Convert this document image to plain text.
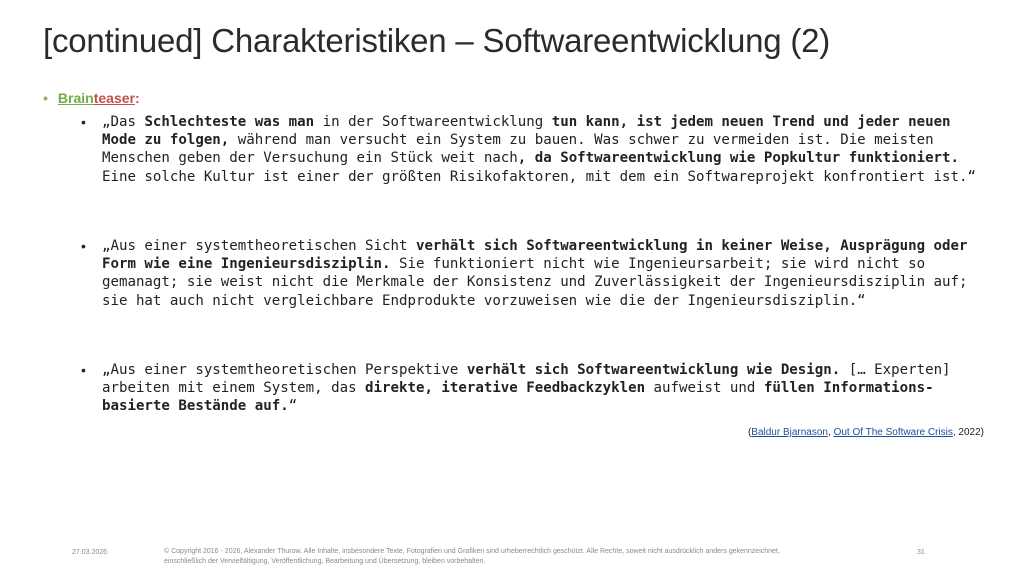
[continued] Charakteristiken – Softwareentwicklung (2)
• Brainteaser:
• „Das Schlechteste was man in der Softwareentwicklung tun kann, ist jedem neuen Trend und jeder neuen Mode zu folgen, während man versucht ein System zu bauen. Was schwer zu vermeiden ist. Die meisten Menschen geben der Versuchung ein Stück weit nach, da Softwareentwicklung wie Popkultur funktioniert. Eine solche Kultur ist einer der größten Risikofaktoren, mit dem ein Softwareprojekt konfrontiert ist.“
• „Aus einer systemtheoretischen Sicht verhält sich Softwareentwicklung in keiner Weise, Ausprägung oder Form wie eine Ingenieursdisziplin. Sie funktioniert nicht wie Ingenieursarbeit; sie wird nicht so gemanagt; sie weist nicht die Merkmale der Konsistenz und Zuverlässigkeit der Ingenieursdisziplin auf; sie hat auch nicht vergleichbare Endprodukte vorzuweisen wie die der Ingenieursdisziplin.“
• „Aus einer systemtheoretischen Perspektive verhält sich Softwareentwicklung wie Design. [… Experten] arbeiten mit einem System, das direkte, iterative Feedbackzyklen aufweist und füllen Informations-basierte Bestände auf.“
(Baldur Bjarnason, Out Of The Software Crisis, 2022)
27.03.2026	© Copyright 2016 - 2026, Alexander Thurow. Alle Inhalte, insbesondere Texte, Fotografien und Grafiken sind urheberrechtlich geschützt. Alle Rechte, soweit nicht ausdrücklich anders gekennzeichnet, einschließlich der Vervielfältigung, Veröffentlichung, Bearbeitung und Übersetzung, bleiben vorbehalten.
31
